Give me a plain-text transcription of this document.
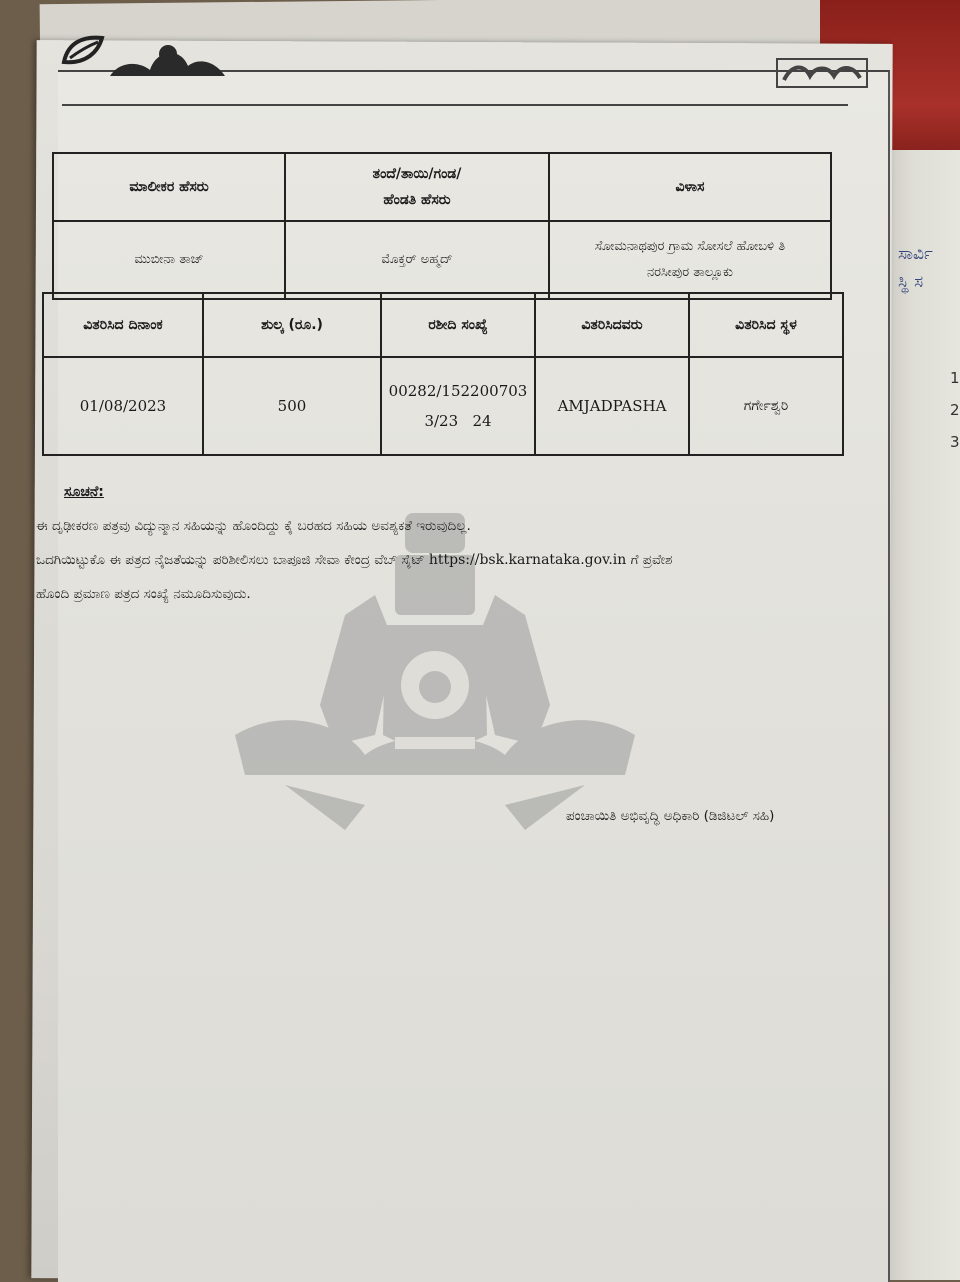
ಸಾರ್ವಿ
ಸ್ಥಿ ಸ
1
2
3
ಮಾಲೀಕರ ಹೆಸರು	ತಂದೆ/ತಾಯಿ/ಗಂಡ/
ಹೆಂಡತಿ ಹೆಸರು	ವಿಳಾಸ
ಮುಬೀನಾ ತಾಜ್	ಮೊಕ್ತರ್ ಅಹ್ಮದ್	ಸೋಮನಾಥಪುರ ಗ್ರಾಮ ಸೋಸಲೆ ಹೋಬಳಿ ತಿ
ನರಸೀಪುರ ತಾಲ್ಲೂಕು
ವಿತರಿಸಿದ ದಿನಾಂಕ	ಶುಲ್ಕ (ರೂ.)	ರಶೀದಿ ಸಂಖ್ಯೆ	ವಿತರಿಸಿದವರು	ವಿತರಿಸಿದ ಸ್ಥಳ
01/08/2023	500	00282/152200703
3/23   24	AMJADPASHA	ಗರ್ಗೇಶ್ವರಿ
ಸೂಚನೆ:
ಈ ದೃಢೀಕರಣ ಪತ್ರವು ವಿದ್ಯುನ್ಮಾನ ಸಹಿಯನ್ನು ಹೊಂದಿದ್ದು ಕೈ ಬರಹದ ಸಹಿಯ ಅವಶ್ಯಕತೆ ಇರುವುದಿಲ್ಲ.
ಒದಗಿಯಿಟ್ಟುಕೊ ಈ ಪತ್ರದ ನೈಜತೆಯನ್ನು ಪರಿಶೀಲಿಸಲು ಬಾಪೂಜಿ ಸೇವಾ ಕೇಂದ್ರ ವೆಬ್ ಸೈಟ್ https://bsk.karnataka.gov.in ಗೆ ಪ್ರವೇಶ
ಹೊಂದಿ ಪ್ರಮಾಣ ಪತ್ರದ ಸಂಖ್ಯೆ ನಮೂದಿಸುವುದು.
ಪಂಚಾಯಿತಿ ಅಭಿವೃದ್ಧಿ ಅಧಿಕಾರಿ (ಡಿಜಿಟಲ್ ಸಹಿ)
